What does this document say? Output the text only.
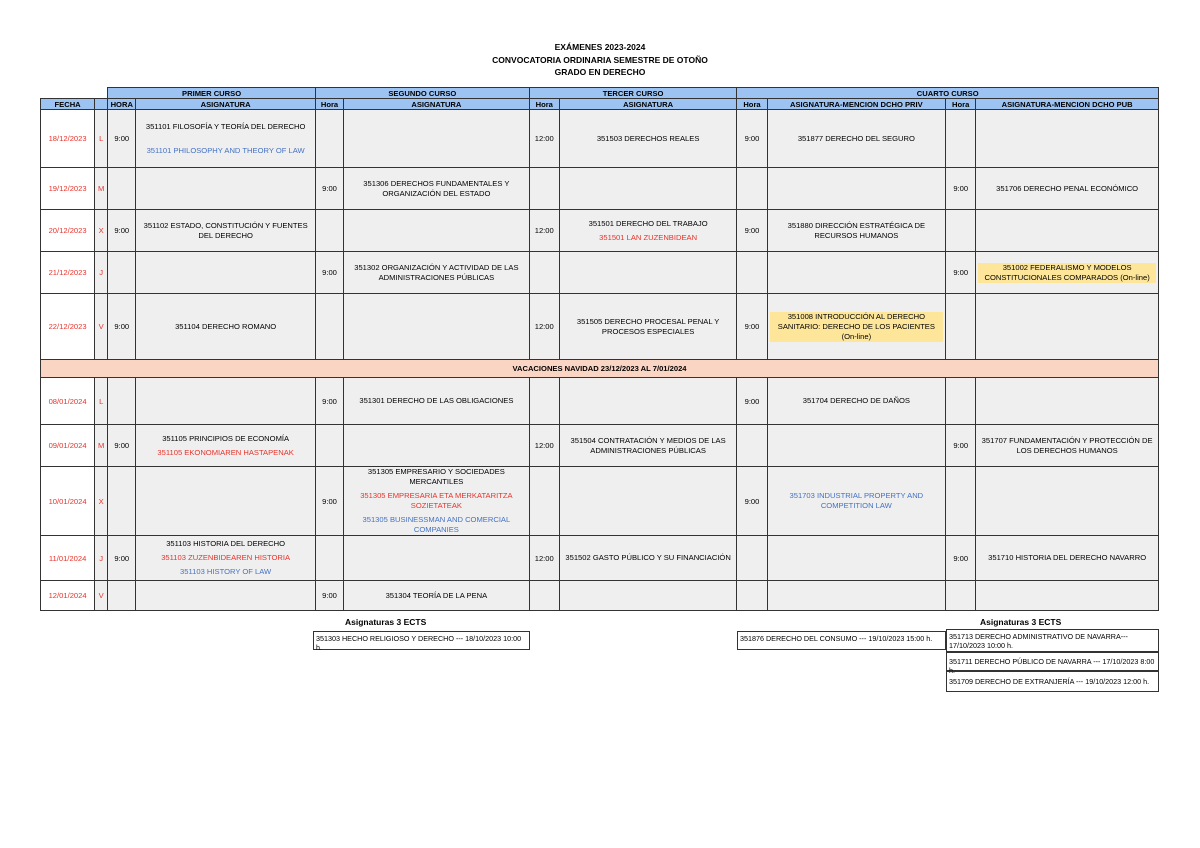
EXÁMENES 2023-2024
CONVOCATORIA ORDINARIA SEMESTRE DE OTOÑO
GRADO EN DERECHO
		PRIMER CURSO		SEGUNDO CURSO		TERCER CURSO		CUARTO CURSO			
FECHA		HORA	ASIGNATURA	Hora	ASIGNATURA	Hora	ASIGNATURA	Hora	ASIGNATURA-MENCION DCHO PRIV	Hora	ASIGNATURA-MENCION DCHO PUB
18/12/2023	L	9:00	351101 FILOSOFÍA Y TEORÍA DEL DERECHO
351101 PHILOSOPHY AND THEORY OF LAW			12:00	351503 DERECHOS REALES	9:00	351877 DERECHO DEL SEGURO		

19/12/2023	M			9:00	351306 DERECHOS FUNDAMENTALES Y ORGANIZACIÓN DEL ESTADO					9:00	351706 DERECHO PENAL ECONÓMICO

20/12/2023	X	9:00	351102 ESTADO, CONSTITUCIÓN Y FUENTES DEL DERECHO			12:00	351501 DERECHO DEL TRABAJO
351501 LAN ZUZENBIDEAN	9:00	351880 DIRECCIÓN ESTRATÉGICA DE RECURSOS HUMANOS		

21/12/2023	J			9:00	351302 ORGANIZACIÓN Y ACTIVIDAD DE LAS ADMINISTRACIONES PÚBLICAS					9:00	351002 FEDERALISMO Y MODELOS CONSTITUCIONALES COMPARADOS (On-line)

22/12/2023	V	9:00	351104 DERECHO ROMANO			12:00	351505 DERECHO PROCESAL PENAL Y PROCESOS ESPECIALES	9:00	351008 INTRODUCCIÓN AL DERECHO SANITARIO: DERECHO DE LOS PACIENTES (On-line)		

VACACIONES NAVIDAD 23/12/2023 AL 7/01/2024											
08/01/2024	L			9:00	351301 DERECHO DE LAS OBLIGACIONES			9:00	351704 DERECHO DE DAÑOS		

09/01/2024	M	9:00	351105 PRINCIPIOS DE ECONOMÍA
351105 EKONOMIAREN HASTAPENAK			12:00	351504 CONTRATACIÓN Y MEDIOS DE LAS ADMINISTRACIONES PÚBLICAS			9:00	351707 FUNDAMENTACIÓN Y PROTECCIÓN DE LOS DERECHOS HUMANOS

10/01/2024	X			9:00	351305 EMPRESARIO Y SOCIEDADES MERCANTILES
351305 EMPRESARIA ETA MERKATARITZA SOZIETATEAK
351305 BUSINESSMAN AND COMERCIAL COMPANIES			9:00	351703 INDUSTRIAL PROPERTY AND COMPETITION LAW		

11/01/2024	J	9:00	351103 HISTORIA DEL DERECHO
351103 ZUZENBIDEAREN HISTORIA
351103 HISTORY OF LAW			12:00	351502 GASTO PÚBLICO Y SU FINANCIACIÓN			9:00	351710 HISTORIA DEL DERECHO NAVARRO

12/01/2024	V			9:00	351304 TEORÍA DE LA PENA						

Asignaturas 3 ECTS	Asignaturas 3 ECTS
351303 HECHO RELIGIOSO Y DERECHO --- 18/10/2023 10:00 h.
351876 DERECHO DEL CONSUMO --- 19/10/2023 15:00 h.	351713 DERECHO ADMINISTRATIVO DE NAVARRA--- 17/10/2023 10:00 h.
351711 DERECHO PÚBLICO DE NAVARRA --- 17/10/2023 8:00 h.
351709 DERECHO DE EXTRANJERÍA --- 19/10/2023 12:00 h.
